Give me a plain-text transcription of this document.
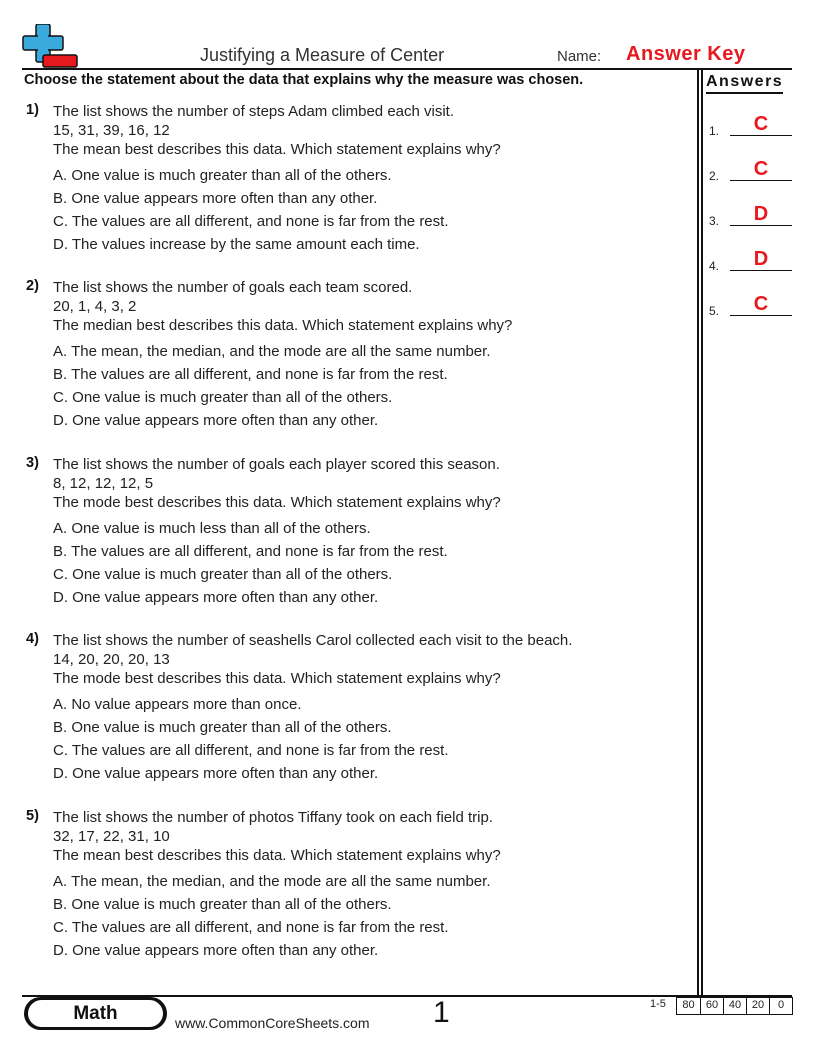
Justifying a Measure of Center	Name: Answer Key
Choose the statement about the data that explains why the measure was chosen.	Answers
1.	C
2.	C
3.	D
4.	D
5.	C
1) The list shows the number of steps Adam climbed each visit.
15, 31, 39, 16, 12
The mean best describes this data. Which statement explains why?
A. One value is much greater than all of the others.
B. One value appears more often than any other.
C. The values are all different, and none is far from the rest.
D. The values increase by the same amount each time.
2) The list shows the number of goals each team scored.
20, 1, 4, 3, 2
The median best describes this data. Which statement explains why?
A. The mean, the median, and the mode are all the same number.
B. The values are all different, and none is far from the rest.
C. One value is much greater than all of the others.
D. One value appears more often than any other.
3) The list shows the number of goals each player scored this season.
8, 12, 12, 12, 5
The mode best describes this data. Which statement explains why?
A. One value is much less than all of the others.
B. The values are all different, and none is far from the rest.
C. One value is much greater than all of the others.
D. One value appears more often than any other.
4) The list shows the number of seashells Carol collected each visit to the beach.
14, 20, 20, 20, 13
The mode best describes this data. Which statement explains why?
A. No value appears more than once.
B. One value is much greater than all of the others.
C. The values are all different, and none is far from the rest.
D. One value appears more often than any other.
5) The list shows the number of photos Tiffany took on each field trip.
32, 17, 22, 31, 10
The mean best describes this data. Which statement explains why?
A. The mean, the median, and the mode are all the same number.
B. One value is much greater than all of the others.
C. The values are all different, and none is far from the rest.
D. One value appears more often than any other.
Math	www.CommonCoreSheets.com 1	1-5	80	60 40 20	0
